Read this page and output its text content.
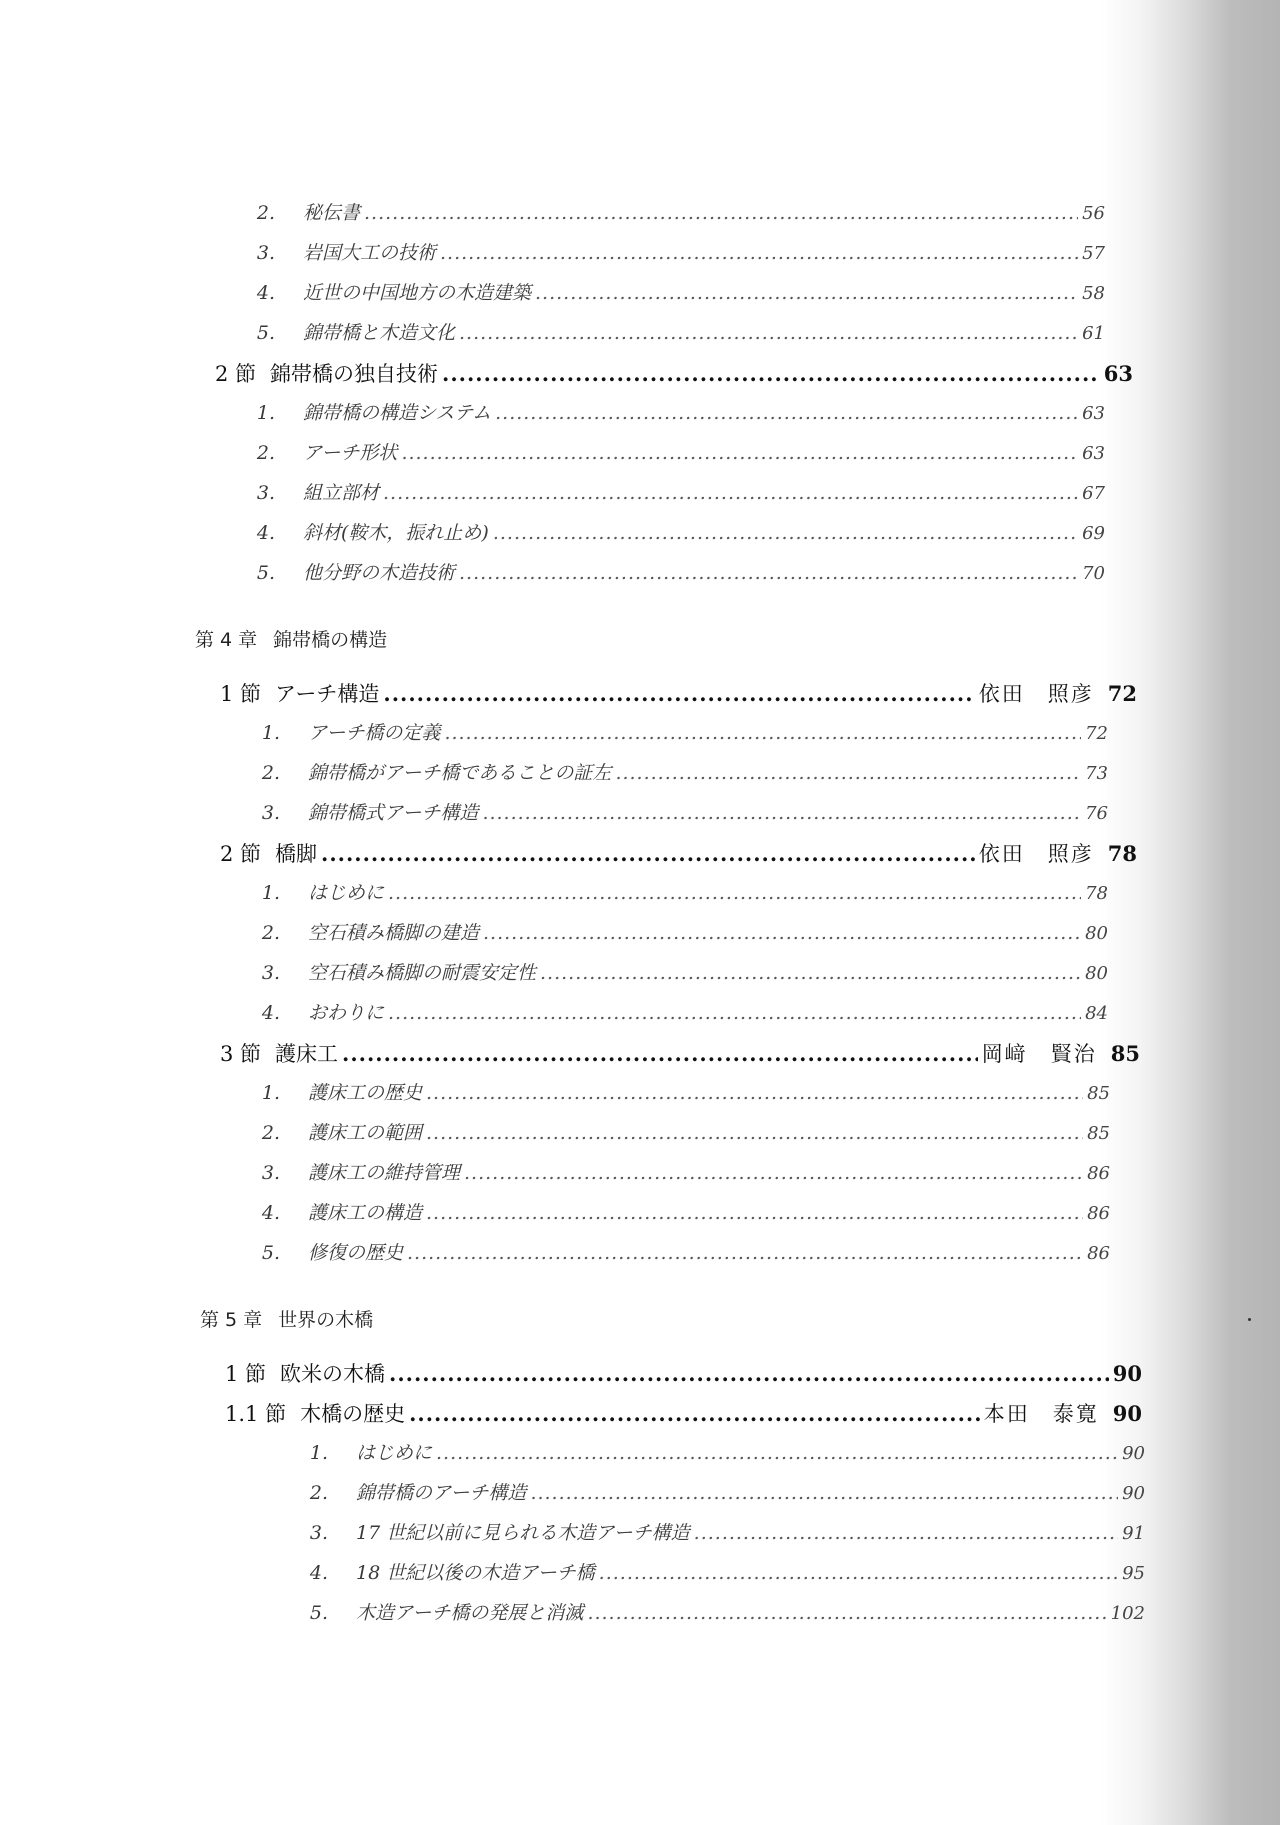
2. 秘伝書 .....	56
3. 岩国大工の技術 .....	57
4. 近世の中国地方の木造建築 .....	58
5. 錦帯橋と木造文化 .....	61
2 節 錦帯橋の独自技術 .....	63
1. 錦帯橋の構造システム .....	63
2. アーチ形状 .....	63
3. 組立部材 .....	67
4. 斜材(鞍木，振れ止め) .....	69
5. 他分野の木造技術 .....	70
第 4 章 錦帯橋の構造
1 節 アーチ構造 .....	依田　照彦 72
1. アーチ橋の定義 .....	72
2. 錦帯橋がアーチ橋であることの証左 .....	73
3. 錦帯橋式アーチ構造 .....	76
2 節 橋脚 .....	依田　照彦 78
1. はじめに .....	78
2. 空石積み橋脚の建造 .....	80
3. 空石積み橋脚の耐震安定性 .....	80
4. おわりに .....	84
3 節 護床工 .....	岡﨑　賢治 85
1. 護床工の歴史 .....	85
2. 護床工の範囲 .....	85
3. 護床工の維持管理 .....	86
4. 護床工の構造 .....	86
5. 修復の歴史 .....	86
第 5 章 世界の木橋
1 節 欧米の木橋 .....	90
1.1 節 木橋の歴史 .....	本田　泰寛 90
1. はじめに .....	90
2. 錦帯橋のアーチ構造 .....	90
3. 17 世紀以前に見られる木造アーチ構造 .....	91
4. 18 世紀以後の木造アーチ橋 .....	95
5. 木造アーチ橋の発展と消滅 .....	102
